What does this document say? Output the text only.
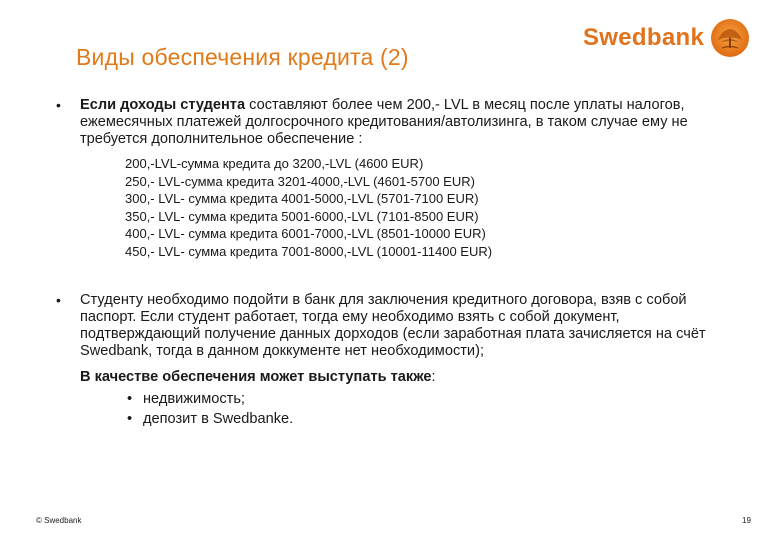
Виды обеспечения кредита (2)
Swedbank
• Если доходы студента составляют более чем 200,- LVL в месяц после уплаты налогов, ежемесячных платежей долгосрочного кредитования/автолизинга, в таком случае ему не требуется дополнительное обеспечение :
200,-LVL-сумма кредита до 3200,-LVL (4600 EUR)
250,- LVL-сумма кредита 3201-4000,-LVL (4601-5700 EUR)
300,- LVL- сумма кредита 4001-5000,-LVL (5701-7100 EUR)
350,- LVL- сумма кредита 5001-6000,-LVL (7101-8500 EUR)
400,- LVL- сумма кредита 6001-7000,-LVL (8501-10000 EUR)
450,- LVL- сумма кредита 7001-8000,-LVL (10001-11400 EUR)
• Студенту необходимо подойти в банк для заключения кредитного договора, взяв с собой паспорт. Если студент работает, тогда ему необходимо взять с собой документ, подтверждающий получение данных дорходов (если заработная плата зачисляется на счёт Swedbank, тогда в данном доккументе нет необходимости);
В качестве обеспечения может выступать также:
• недвижимость;
• депозит в Swedbanke.
© Swedbank	19
